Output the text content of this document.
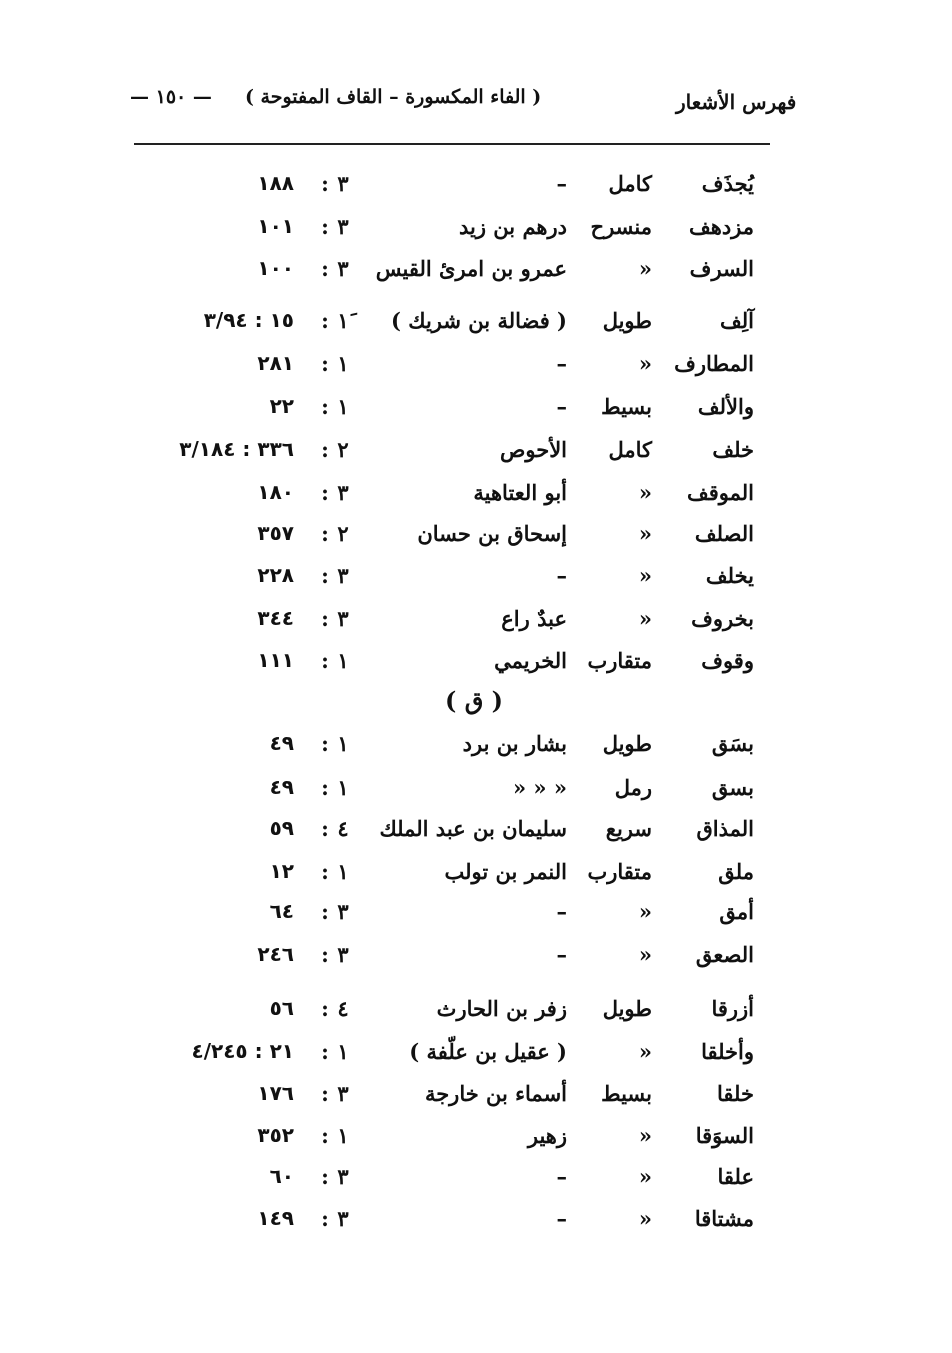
( الفاء المكسورة – القاف المفتوحة )     — ١٥٠ —	فهرس الأشعار
يُجذَف
كامل
–
٣
١٨٨ :
مزدهف
منسرح
درهم بن زيد
٣
١٠١ :
السرف
«
عمرو بن امرئ القيس
٣
١٠٠ :
آلِف
طويل
( فضالة بن شريك )
١َ
١٥ : ٣/٩٤ :
المطارف
«
–
١
٢٨١ :
والألف
بسيط
–
١
٢٢ :
خلف
كامل
الأحوص
٢
٣٣٦ : ٣/١٨٤ :
الموقف
«
أبو العتاهية
٣
١٨٠ :
الصلف
«
إسحاق بن حسان
٢
٣٥٧ :
يخلف
«
–
٣
٢٢٨ :
بخروف
«
عبدٌ راع
٣
٣٤٤ :
وقوف
متقارب
الخريمي
١
١١١ :
( ق )
بسَق
طويل
بشار بن برد
١
٤٩ :
بسق
رمل
« « «
١
٤٩ :
المذاق
سريع
سليمان بن عبد الملك
٤
٥٩ :
ملق
متقارب
النمر بن تولب
١
١٢ :
أمق
«
–
٣
٦٤ :
الصعق
«
–
٣
٢٤٦ :
أزرقا
طويل
زفر بن الحارث
٤
٥٦ :
وأخلقا
«
( عقيل بن علّفة )
١
٢١ : ٤/٢٤٥ :
خلقا
بسيط
أسماء بن خارجة
٣
١٧٦ :
السوَقا
«
زهير
١
٣٥٢ :
علقا
«
–
٣
٦٠ :
مشتاقا
«
–
٣
١٤٩ :
